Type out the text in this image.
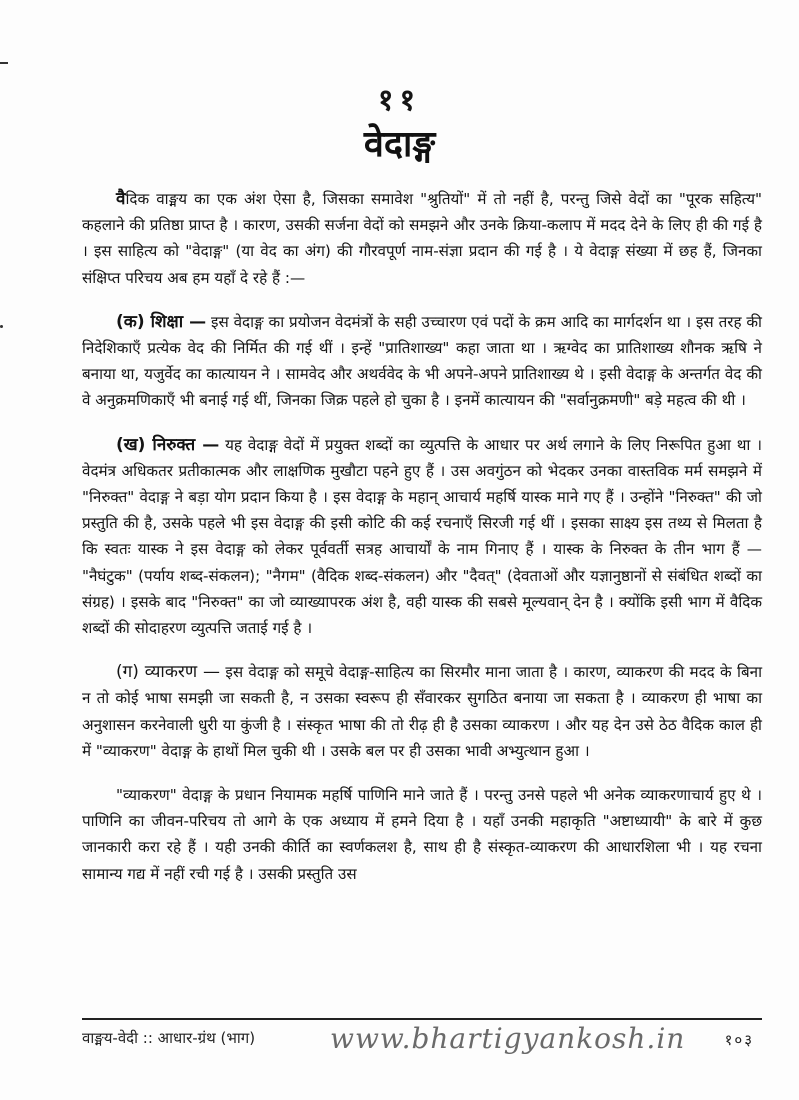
११
वेदाङ्ग

वैदिक वाङ्मय का एक अंश ऐसा है, जिसका समावेश "श्रुतियों" में तो नहीं है, परन्तु जिसे वेदों का "पूरक सहित्य" कहलाने की प्रतिष्ठा प्राप्त है । कारण, उसकी सर्जना वेदों को समझने और उनके क्रिया-कलाप में मदद देने के लिए ही की गई है । इस साहित्य को "वेदाङ्ग" (या वेद का अंग) की गौरवपूर्ण नाम-संज्ञा प्रदान की गई है । ये वेदाङ्ग संख्या में छह हैं, जिनका संक्षिप्त परिचय अब हम यहाँ दे रहे हैं :—

(क) शिक्षा — इस वेदाङ्ग का प्रयोजन वेदमंत्रों के सही उच्चारण एवं पदों के क्रम आदि का मार्गदर्शन था । इस तरह की निदेशिकाएँ प्रत्येक वेद की निर्मित की गई थीं । इन्हें "प्रातिशाख्य" कहा जाता था । ऋग्वेद का प्रातिशाख्य शौनक ऋषि ने बनाया था, यजुर्वेद का कात्यायन ने । सामवेद और अथर्ववेद के भी अपने-अपने प्रातिशाख्य थे । इसी वेदाङ्ग के अन्तर्गत वेद की वे अनुक्रमणिकाएँ भी बनाई गई थीं, जिनका जिक्र पहले हो चुका है । इनमें कात्यायन की "सर्वानुक्रमणी" बड़े महत्व की थी ।

(ख) निरुक्त — यह वेदाङ्ग वेदों में प्रयुक्त शब्दों का व्युत्पत्ति के आधार पर अर्थ लगाने के लिए निरूपित हुआ था । वेदमंत्र अधिकतर प्रतीकात्मक और लाक्षणिक मुखौटा पहने हुए हैं । उस अवगुंठन को भेदकर उनका वास्तविक मर्म समझने में "निरुक्त" वेदाङ्ग ने बड़ा योग प्रदान किया है । इस वेदाङ्ग के महान् आचार्य महर्षि यास्क माने गए हैं । उन्होंने "निरुक्त" की जो प्रस्तुति की है, उसके पहले भी इस वेदाङ्ग की इसी कोटि की कई रचनाएँ सिरजी गई थीं । इसका साक्ष्य इस तथ्य से मिलता है कि स्वतः यास्क ने इस वेदाङ्ग को लेकर पूर्ववर्ती सत्रह आचार्यों के नाम गिनाए हैं । यास्क के निरुक्त के तीन भाग हैं — "नैघंटुक" (पर्याय शब्द-संकलन); "नैगम" (वैदिक शब्द-संकलन) और "दैवत्" (देवताओं और यज्ञानुष्ठानों से संबंधित शब्दों का संग्रह) । इसके बाद "निरुक्त" का जो व्याख्यापरक अंश है, वही यास्क की सबसे मूल्यवान् देन है । क्योंकि इसी भाग में वैदिक शब्दों की सोदाहरण व्युत्पत्ति जताई गई है ।

(ग) व्याकरण — इस वेदाङ्ग को समूचे वेदाङ्ग-साहित्य का सिरमौर माना जाता है । कारण, व्याकरण की मदद के बिना न तो कोई भाषा समझी जा सकती है, न उसका स्वरूप ही सँवारकर सुगठित बनाया जा सकता है । व्याकरण ही भाषा का अनुशासन करनेवाली धुरी या कुंजी है । संस्कृत भाषा की तो रीढ़ ही है उसका व्याकरण । और यह देन उसे ठेठ वैदिक काल ही में "व्याकरण" वेदाङ्ग के हाथों मिल चुकी थी । उसके बल पर ही उसका भावी अभ्युत्थान हुआ ।

"व्याकरण" वेदाङ्ग के प्रधान नियामक महर्षि पाणिनि माने जाते हैं । परन्तु उनसे पहले भी अनेक व्याकरणाचार्य हुए थे । पाणिनि का जीवन-परिचय तो आगे के एक अध्याय में हमने दिया है । यहाँ उनकी महाकृति "अष्टाध्यायी" के बारे में कुछ जानकारी करा रहे हैं । यही उनकी कीर्ति का स्वर्णकलश है, साथ ही है संस्कृत-व्याकरण की आधारशिला भी । यह रचना सामान्य गद्य में नहीं रची गई है । उसकी प्रस्तुति उस

वाङ्मय-वेदी :: आधार-ग्रंथ (भाग)	www.bhartigyankosh.in	१०३
